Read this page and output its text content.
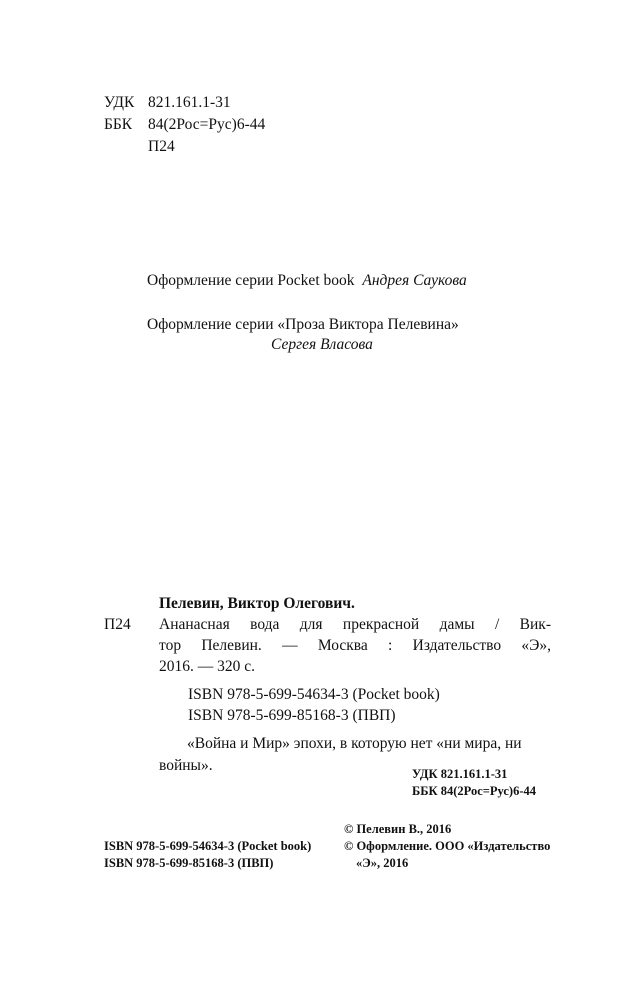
УДК 821.161.1-31
ББК	84(2Рос=Рус)6-44
П24
Оформление серии Pocket book Андрея Саукова
Оформление серии «Проза Виктора Пелевина»
Сергея Власова
Пелевин, Виктор Олегович.
П24 Ананасная вода для прекрасной дамы / Вик-
тор Пелевин. — Москва : Издательство «Э»,
2016. — 320 с.
ISBN 978-5-699-54634-3 (Pocket book)
ISBN 978-5-699-85168-3 (ПВП)
«Война и Мир» эпохи, в которую нет «ни мира, ни войны».	УДК 821.161.1-31
ББК 84(2Рос=Рус)6-44
ISBN 978-5-699-54634-3 (Pocket book)
ISBN 978-5-699-85168-3 (ПВП)
© Пелевин В., 2016
© Оформление. ООО «Издательство
«Э», 2016
